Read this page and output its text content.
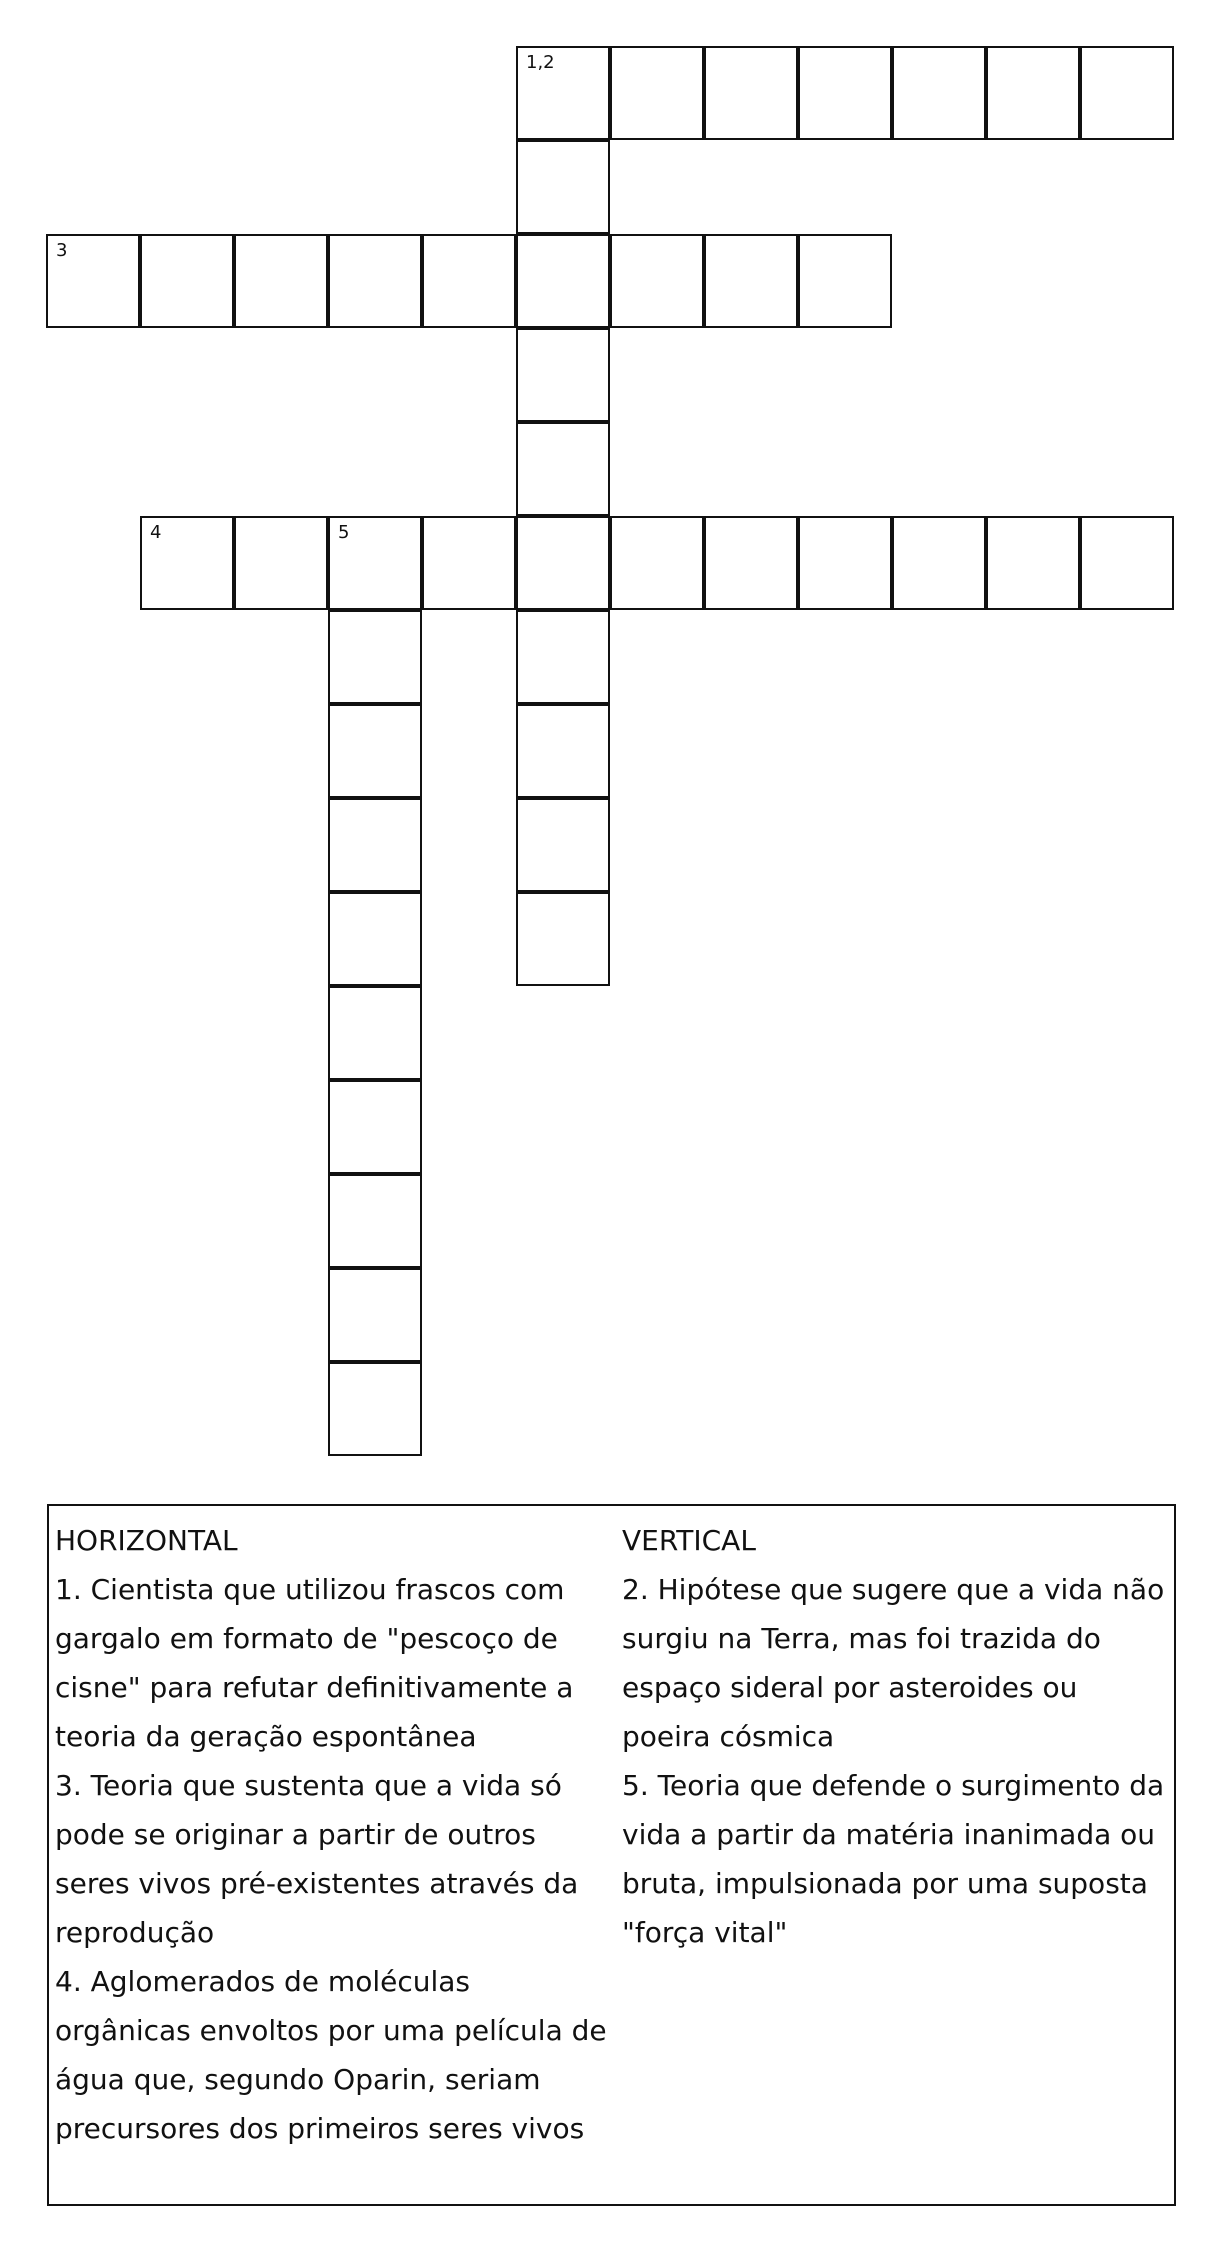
1,2
3
4	5

HORIZONTAL

1. Cientista que utilizou frascos com gargalo em formato de "pescoço de cisne" para refutar definitivamente a teoria da geração espontânea

3. Teoria que sustenta que a vida só pode se originar a partir de outros seres vivos pré-existentes através da reprodução

4. Aglomerados de moléculas orgânicas envoltos por uma película de água que, segundo Oparin, seriam precursores dos primeiros seres vivos

VERTICAL

2. Hipótese que sugere que a vida não surgiu na Terra, mas foi trazida do espaço sideral por asteroides ou poeira cósmica

5. Teoria que defende o surgimento da vida a partir da matéria inanimada ou bruta, impulsionada por uma suposta "força vital"
